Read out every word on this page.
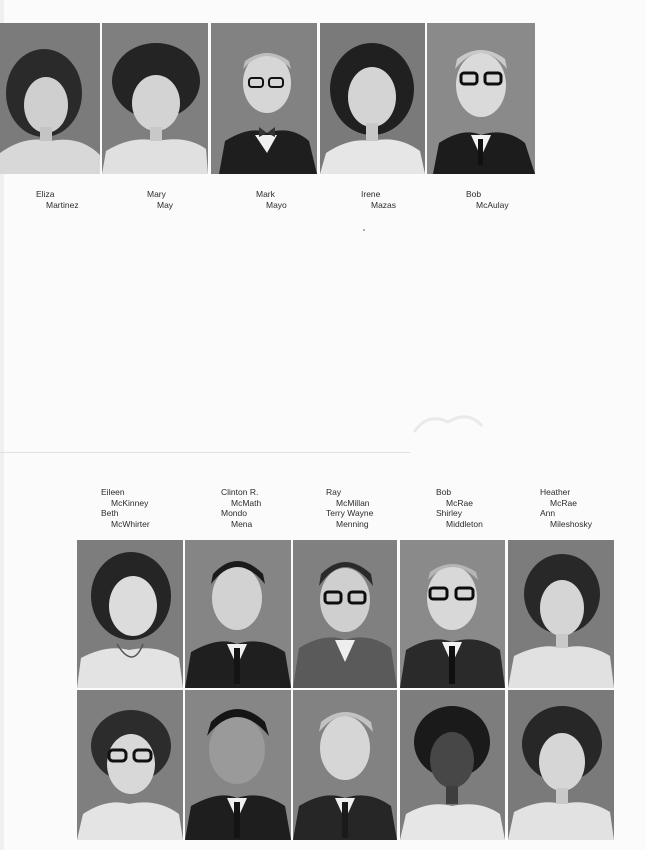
Eliza
Martinez
Mary
May
Mark
Mayo
Irene
Mazas
Bob
McAulay
Eileen
McKinney
Beth
McWhirter
Clinton R.
McMath
Mondo
Mena
Ray
McMillan
Terry Wayne
Menning
Bob
McRae
Shirley
Middleton
Heather
McRae
Ann
Mileshosky
